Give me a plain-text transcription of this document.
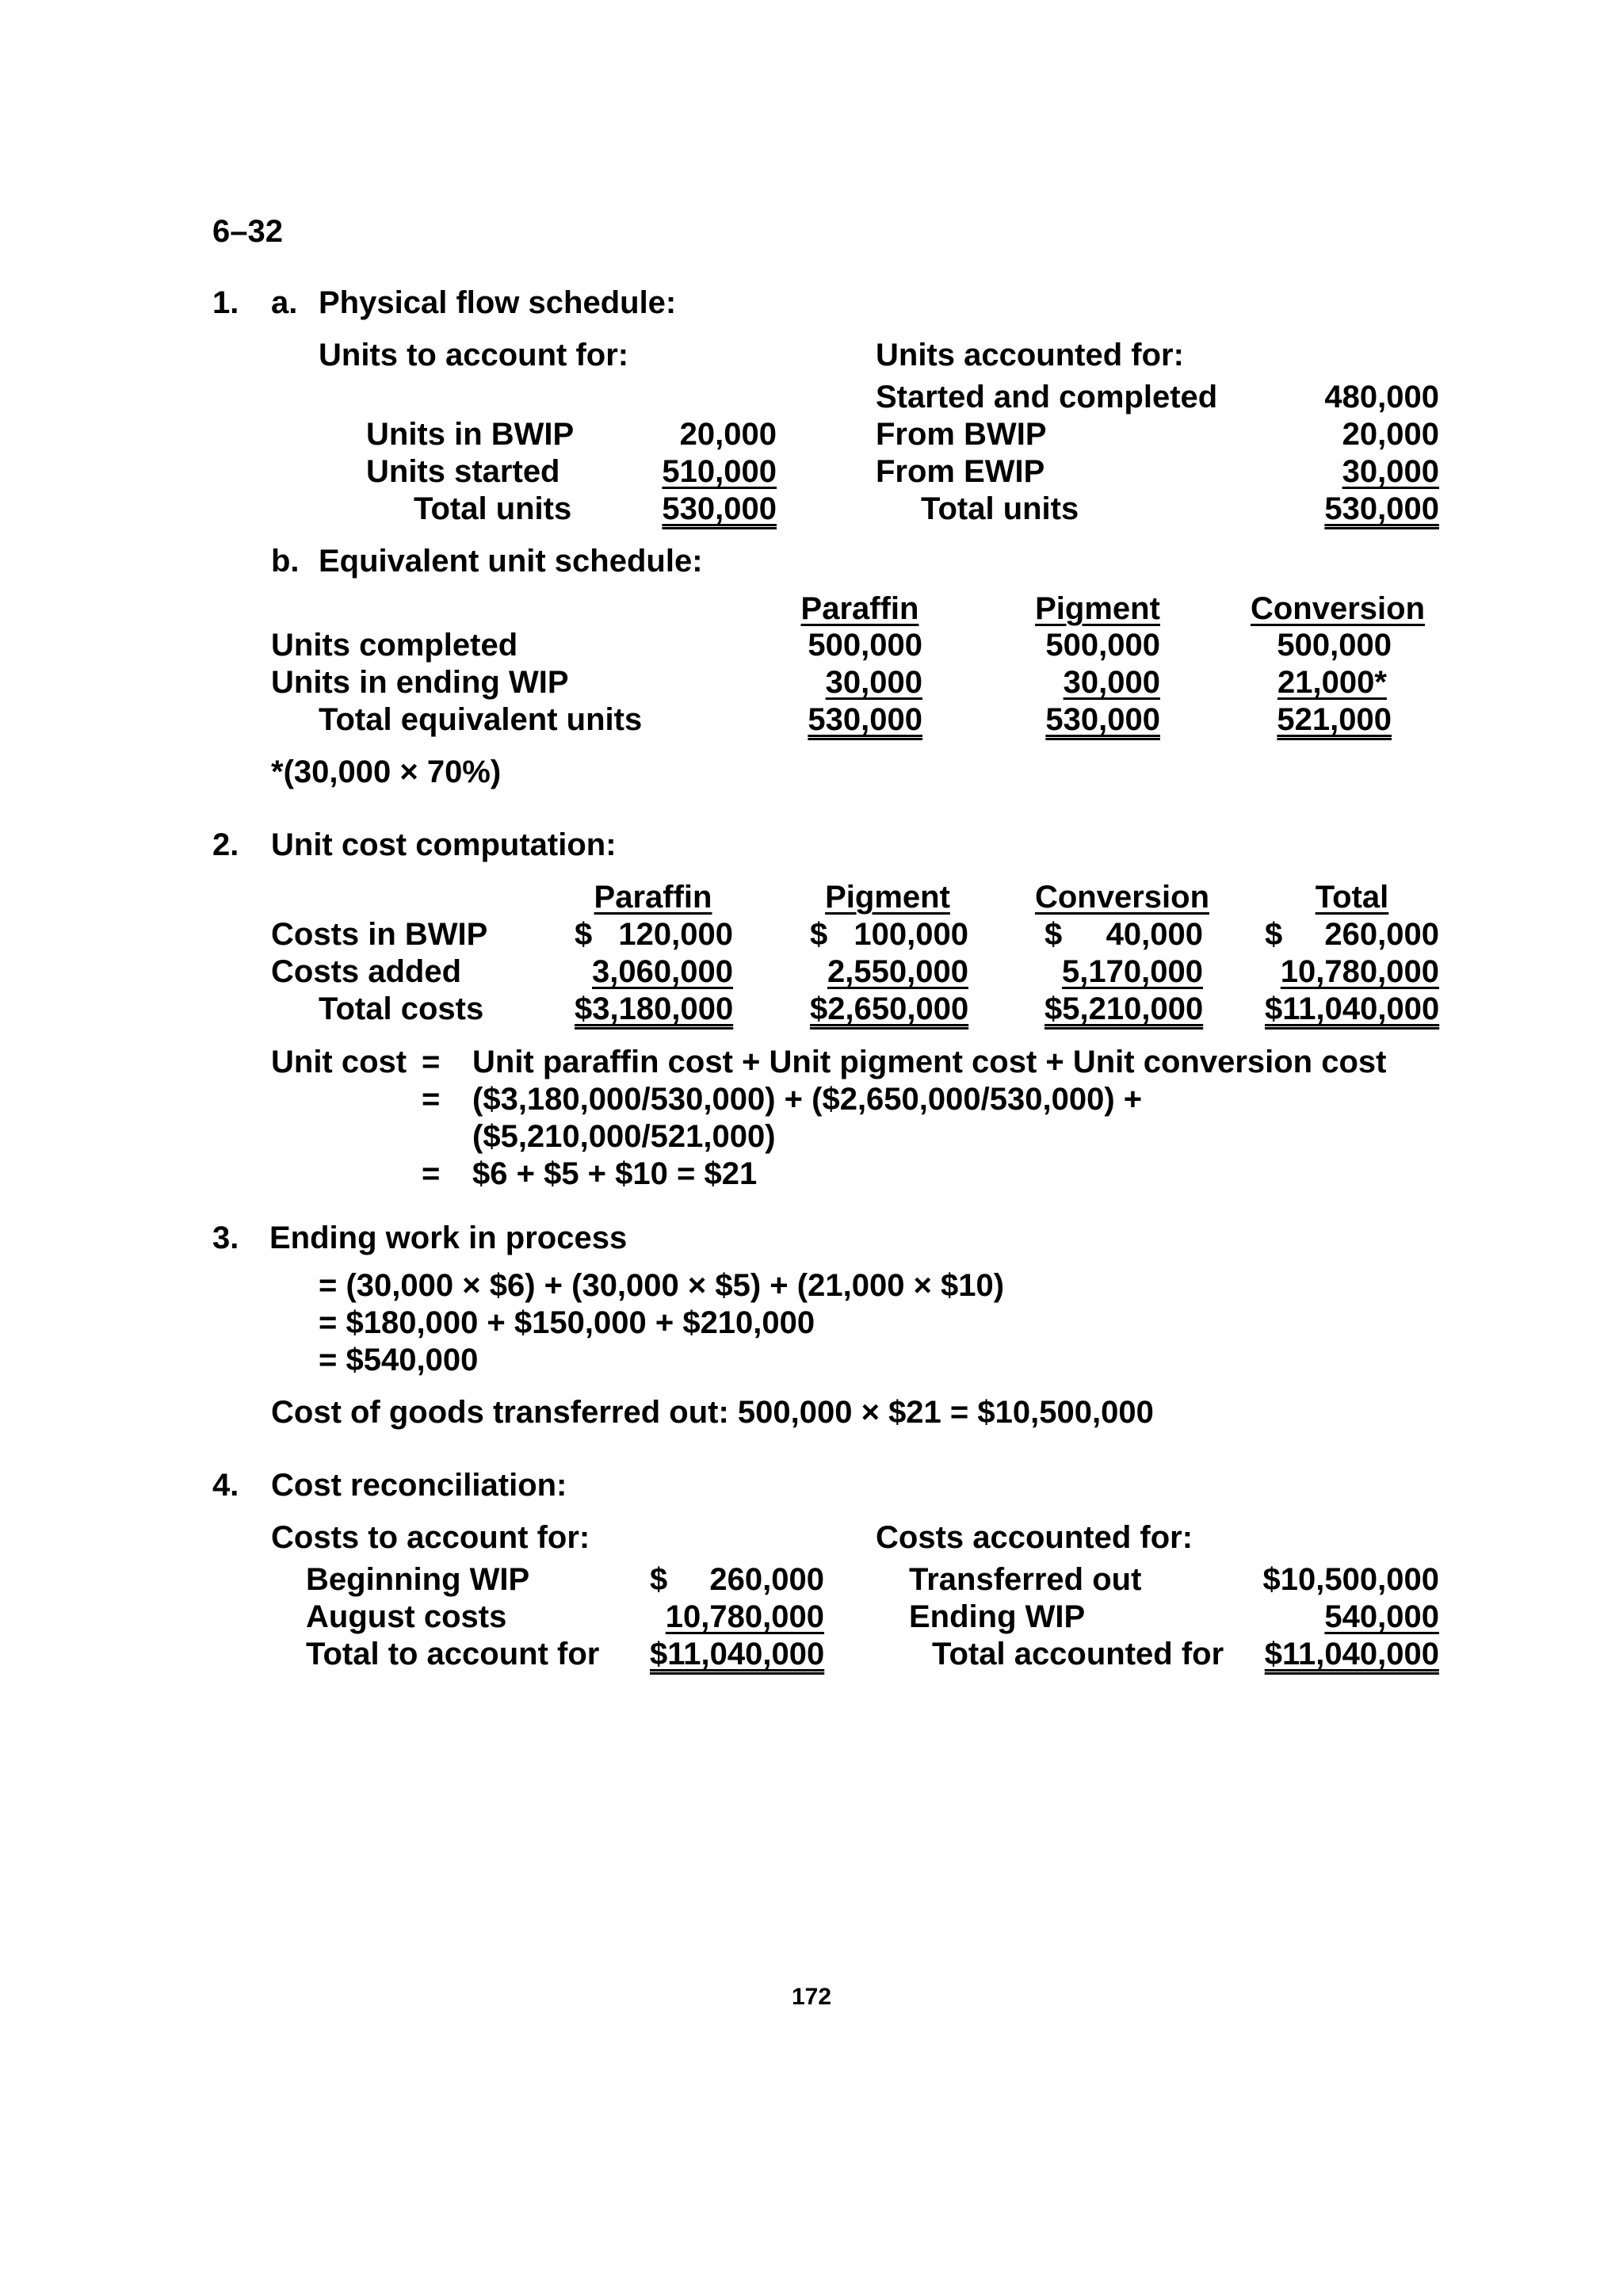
6–32
1. a. Physical flow schedule:
Units to account for:	Units accounted for:
Units in BWIP	20,000
Units started	510,000
Total units	530,000
Started and completed	480,000
From BWIP	20,000
From EWIP	30,000
Total units	530,000
b. Equivalent unit schedule:
Paraffin	Pigment	Conversion
Units completed	500,000	500,000	500,000
Units in ending WIP	30,000	30,000	21,000*
Total equivalent units	530,000	530,000	521,000
*(30,000 × 70%)
2. Unit cost computation:
Paraffin	Pigment	Conversion	Total
Costs in BWIP	$ 120,000 $ 100,000 $	40,000 $	260,000
Costs added	3,060,000	2,550,000	5,170,000	10,780,000
Total costs	$3,180,000 $2,650,000 $5,210,000 $11,040,000
Unit cost = Unit paraffin cost + Unit pigment cost + Unit conversion cost
= ($3,180,000/530,000) + ($2,650,000/530,000) +
($5,210,000/521,000)
= $6 + $5 + $10 = $21
3. Ending work in process
= (30,000 × $6) + (30,000 × $5) + (21,000 × $10)
= $180,000 + $150,000 + $210,000
= $540,000
Cost of goods transferred out: 500,000 × $21 = $10,500,000
4. Cost reconciliation:
Costs to account for:	Costs accounted for:
Beginning WIP	$	260,000
August costs	10,780,000
Total to account for $11,040,000
Transferred out	$10,500,000
Ending WIP	540,000
Total accounted for	$11,040,000
172
